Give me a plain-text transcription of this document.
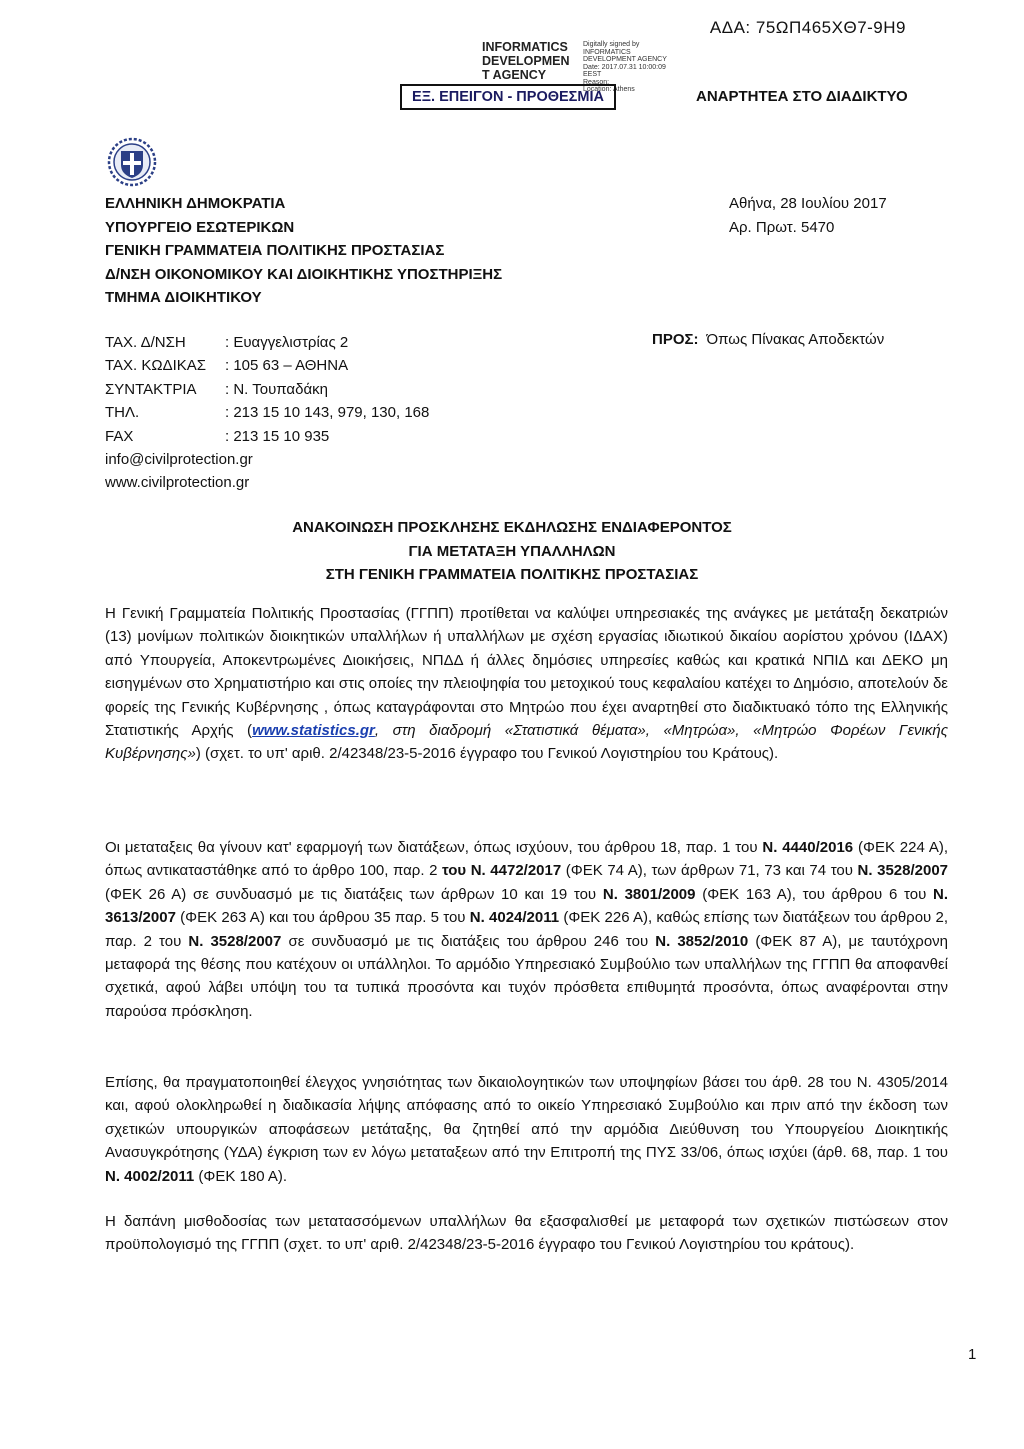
ΑΔΑ: 75ΩΠ465ΧΘ7-9Η9
INFORMATICS
DEVELOPMEN
T AGENCY
Digitally signed by
INFORMATICS
DEVELOPMENT AGENCY
Date: 2017.07.31 10:00:09
EEST
Reason:
Location: Athens
ΕΞ. ΕΠΕΙΓΟΝ - ΠΡΟΘΕΣΜΙΑ	ΑΝΑΡΤΗΤΕΑ ΣΤΟ ΔΙΑΔΙΚΤΥΟ
ΕΛΛΗΝΙΚΗ ΔΗΜΟΚΡΑΤΙΑ
ΥΠΟΥΡΓΕΙΟ ΕΣΩΤΕΡΙΚΩΝ
ΓΕΝΙΚΗ ΓΡΑΜΜΑΤΕΙΑ ΠΟΛΙΤΙΚΗΣ ΠΡΟΣΤΑΣΙΑΣ
Δ/ΝΣΗ ΟΙΚΟΝΟΜΙΚΟΥ ΚΑΙ ΔΙΟΙΚΗΤΙΚΗΣ ΥΠΟΣΤΗΡΙΞΗΣ
ΤΜΗΜΑ ΔΙΟΙΚΗΤΙΚΟΥ
Αθήνα, 28 Ιουλίου 2017
Αρ. Πρωτ. 5470
ΤΑΧ. Δ/ΝΣΗ	: Ευαγγελιστρίας 2
ΤΑΧ. ΚΩΔΙΚΑΣ : 105 63 – ΑΘΗΝΑ
ΣΥΝΤΑΚΤΡΙΑ : Ν. Τουπαδάκη
ΤΗΛ.	: 213 15 10 143, 979, 130, 168
FAX	: 213 15 10 935
info@civilprotection.gr
www.civilprotection.gr
ΠΡΟΣ: Όπως Πίνακας Αποδεκτών
ΑΝΑΚΟΙΝΩΣΗ ΠΡΟΣΚΛΗΣΗΣ ΕΚΔΗΛΩΣΗΣ ΕΝΔΙΑΦΕΡΟΝΤΟΣ
ΓΙΑ ΜΕΤΑΤΑΞΗ ΥΠΑΛΛΗΛΩΝ
ΣΤΗ ΓΕΝΙΚΗ ΓΡΑΜΜΑΤΕΙΑ ΠΟΛΙΤΙΚΗΣ ΠΡΟΣΤΑΣΙΑΣ
Η Γενική Γραμματεία Πολιτικής Προστασίας (ΓΓΠΠ) προτίθεται να καλύψει υπηρεσιακές της ανάγκες με μετάταξη δεκατριών (13) μονίμων πολιτικών διοικητικών υπαλλήλων ή υπαλλήλων με σχέση εργασίας ιδιωτικού δικαίου αορίστου χρόνου (ΙΔΑΧ) από Υπουργεία, Αποκεντρωμένες Διοικήσεις, ΝΠΔΔ ή άλλες δημόσιες υπηρεσίες καθώς και κρατικά ΝΠΙΔ και ΔΕΚΟ μη εισηγμένων στο Χρηματιστήριο και στις οποίες την πλειοψηφία του μετοχικού τους κεφαλαίου κατέχει το Δημόσιο, αποτελούν δε φορείς της Γενικής Κυβέρνησης , όπως καταγράφονται στο Μητρώο που έχει αναρτηθεί στο διαδικτυακό τόπο της Ελληνικής Στατιστικής Αρχής (www.statistics.gr, στη διαδρομή «Στατιστικά θέματα», «Μητρώα», «Μητρώο Φορέων Γενικής Κυβέρνησης») (σχετ. το υπ' αριθ. 2/42348/23-5-2016 έγγραφο του Γενικού Λογιστηρίου του Κράτους).
Οι μεταταξεις θα γίνουν κατ' εφαρμογή των διατάξεων, όπως ισχύουν, του άρθρου 18, παρ. 1 του Ν. 4440/2016 (ΦΕΚ 224 Α), όπως αντικαταστάθηκε από το άρθρο 100, παρ. 2 του Ν. 4472/2017 (ΦΕΚ 74 Α), των άρθρων 71, 73 και 74 του Ν. 3528/2007 (ΦΕΚ 26 Α) σε συνδυασμό με τις διατάξεις των άρθρων 10 και 19 του Ν. 3801/2009 (ΦΕΚ 163 Α), του άρθρου 6 του Ν. 3613/2007 (ΦΕΚ 263 Α) και του άρθρου 35 παρ. 5 του Ν. 4024/2011 (ΦΕΚ 226 Α), καθώς επίσης των διατάξεων του άρθρου 2, παρ. 2 του Ν. 3528/2007 σε συνδυασμό με τις διατάξεις του άρθρου 246 του Ν. 3852/2010 (ΦΕΚ 87 Α), με ταυτόχρονη μεταφορά της θέσης που κατέχουν οι υπάλληλοι. Το αρμόδιο Υπηρεσιακό Συμβούλιο των υπαλλήλων της ΓΓΠΠ θα αποφανθεί σχετικά, αφού λάβει υπόψη του τα τυπικά προσόντα και τυχόν πρόσθετα επιθυμητά προσόντα, όπως αναφέρονται στην παρούσα πρόσκληση.
Επίσης, θα πραγματοποιηθεί έλεγχος γνησιότητας των δικαιολογητικών των υποψηφίων βάσει του άρθ. 28 του Ν. 4305/2014 και, αφού ολοκληρωθεί η διαδικασία λήψης απόφασης από το οικείο Υπηρεσιακό Συμβούλιο και πριν από την έκδοση των σχετικών υπουργικών αποφάσεων μετάταξης, θα ζητηθεί από την αρμόδια Διεύθυνση του Υπουργείου Διοικητικής Ανασυγκρότησης (ΥΔΑ) έγκριση των εν λόγω μεταταξεων από την Επιτροπή της ΠΥΣ 33/06, όπως ισχύει (άρθ. 68, παρ. 1 του Ν. 4002/2011 (ΦΕΚ 180 Α).
Η δαπάνη μισθοδοσίας των μετατασσόμενων υπαλλήλων θα εξασφαλισθεί με μεταφορά των σχετικών πιστώσεων στον προϋπολογισμό της ΓΓΠΠ (σχετ. το υπ' αριθ. 2/42348/23-5-2016 έγγραφο του Γενικού Λογιστηρίου του κράτους).
1
